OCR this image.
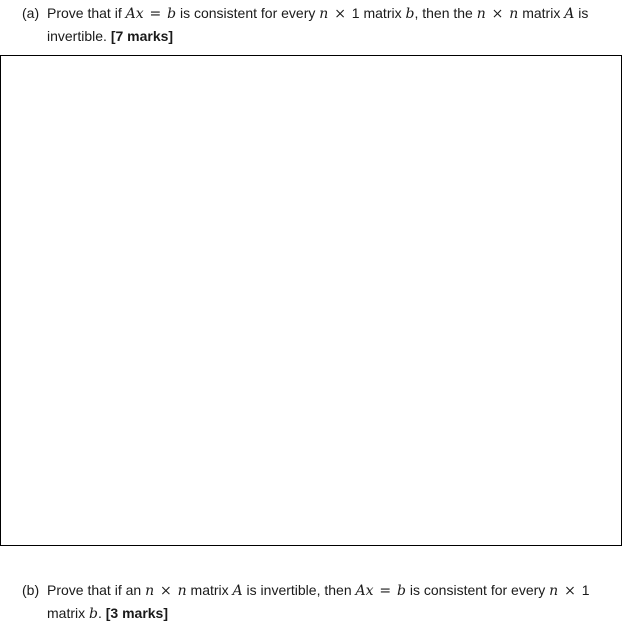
(a) Prove that if Ax = b is consistent for every n × 1 matrix b, then the n × n matrix A is invertible. [7 marks]
(b) Prove that if an n × n matrix A is invertible, then Ax = b is consistent for every n × 1 matrix b. [3 marks]
